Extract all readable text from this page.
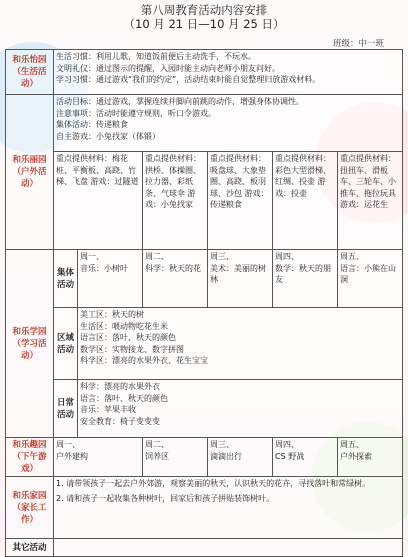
第八周教育活动内容安排
（10 月 21 日—10 月 25 日）
班级：中一班
和乐怡园（生活活动）	生活习惯：利用儿歌，知道饭前便后主动洗手，不玩水。
文明礼仪：通过图示的提醒，入园时能主动向老师小朋友问好。
学习习惯：通过游戏“我们的约定”，活动结束时能自觉整理归放游戏材料。					

和乐丽园（户外活动）	活动目标：通过游戏，掌握连续并脚向前跳的动作，增强身体协调性。
注意事项：活动时能遵守规则，听口令游戏。
集体活动：传递粮食
自主游戏：小兔找家（体锻）					

	重点提供材料：梅花桩、平衡板、高跷、竹梯、飞盘 游戏：过隧道		重点提供材料：拱桥、体操圈、拉力器、彩纸条、气球伞 游戏：小兔找家	重点提供材料：吸盘球、大象垫圈、高跷、板羽球、沙包 游戏：传递粮食	重点提供材料：彩色大型滑梯、红绸、投壶 游戏：投壶	重点提供材料：扭扭车、滑板车、三轮车、小推车、拖拉玩具 游戏：运花生

和乐学园（学习活动）	集体活动	周一、
音乐：小树叶	周二、
科学：秋天的花	周三、
美术：美丽的树林	周四、
数学：秋天的朋友	周五、
语言：小熊在山洞

	区域活动	美工区：秋天的树
生活区：喂动物吃花生米
语言区：落叶、秋天的颜色
数学区：实物接龙、数字拼图
科学区：漂亮的水果外衣、花生宝宝				

	日常活动	科学：漂亮的水果外衣
语言：落叶、秋天的颜色
音乐：苹果丰收
安全教育：椅子变变变				

和乐趣园（下午游戏）	周一、
户外建构		周二、
饲养区	周三、
滴滴出行	周四、
CS 野战	周五、
户外探索

和乐家园（家长工作）	1. 请带领孩子一起去户外郊游，观察美丽的秋天，认识秋天的花卉，寻找落叶和常绿树。
2. 请和孩子一起收集各种树叶，回家后和孩子拼贴装饰树叶。					

其它活动						
